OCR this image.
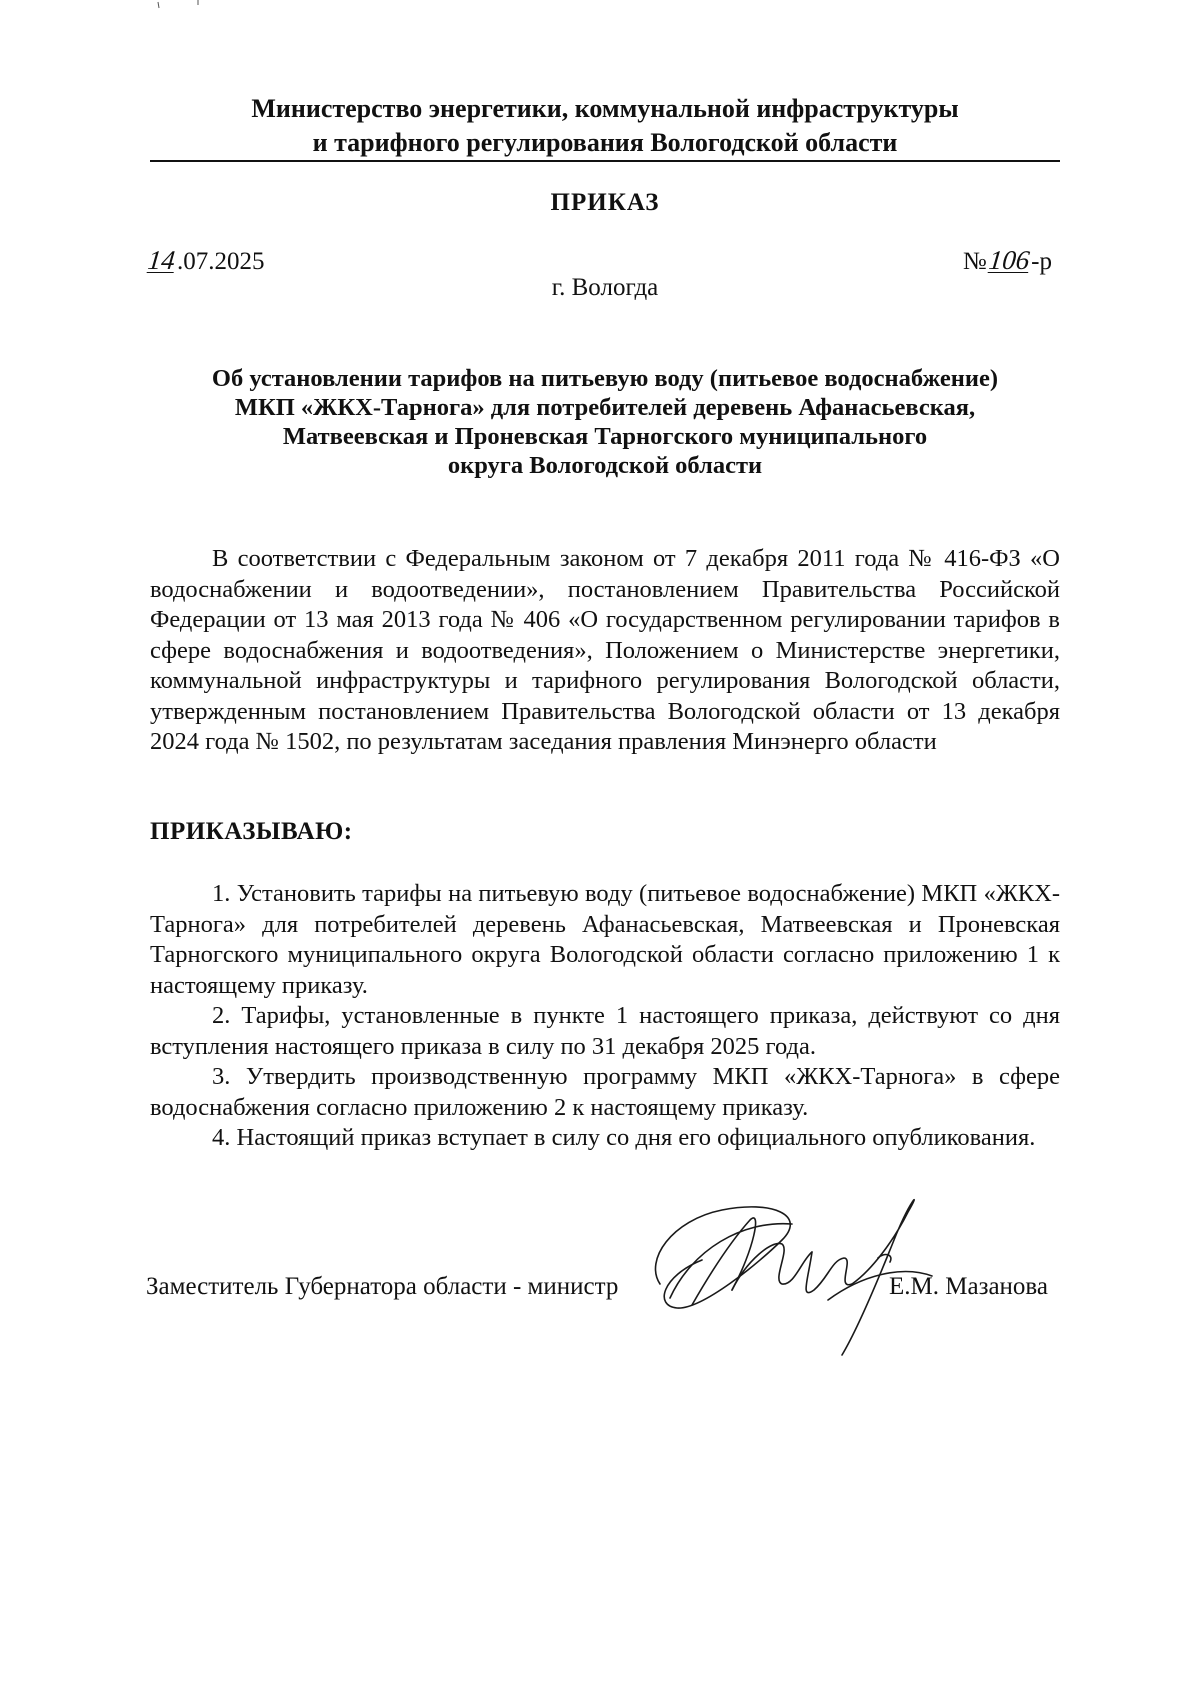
Министерство энергетики, коммунальной инфраструктуры
и тарифного регулирования Вологодской области
ПРИКАЗ
14.07.2025	№106-р
г. Вологда
Об установлении тарифов на питьевую воду (питьевое водоснабжение)
МКП «ЖКХ-Тарнога» для потребителей деревень Афанасьевская,
Матвеевская и Проневская Тарногского муниципального
округа Вологодской области

В соответствии с Федеральным законом от 7 декабря 2011 года № 416-ФЗ «О водоснабжении и водоотведении», постановлением Правительства Российской Федерации от 13 мая 2013 года № 406 «О государственном регулировании тарифов в сфере водоснабжения и водоотведения», Положением о Министерстве энергетики, коммунальной инфраструктуры и тарифного регулирования Вологодской области, утвержденным постановлением Правительства Вологодской области от 13 декабря 2024 года № 1502, по результатам заседания правления Минэнерго области

ПРИКАЗЫВАЮ:

1. Установить тарифы на питьевую воду (питьевое водоснабжение) МКП «ЖКХ-Тарнога» для потребителей деревень Афанасьевская, Матвеевская и Проневская Тарногского муниципального округа Вологодской области согласно приложению 1 к настоящему приказу.

2. Тарифы, установленные в пункте 1 настоящего приказа, действуют со дня вступления настоящего приказа в силу по 31 декабря 2025 года.

3. Утвердить производственную программу МКП «ЖКХ-Тарнога» в сфере водоснабжения согласно приложению 2 к настоящему приказу.

4. Настоящий приказ вступает в силу со дня его официального опубликования.

Заместитель Губернатора области - министр	Е.М. Мазанова
